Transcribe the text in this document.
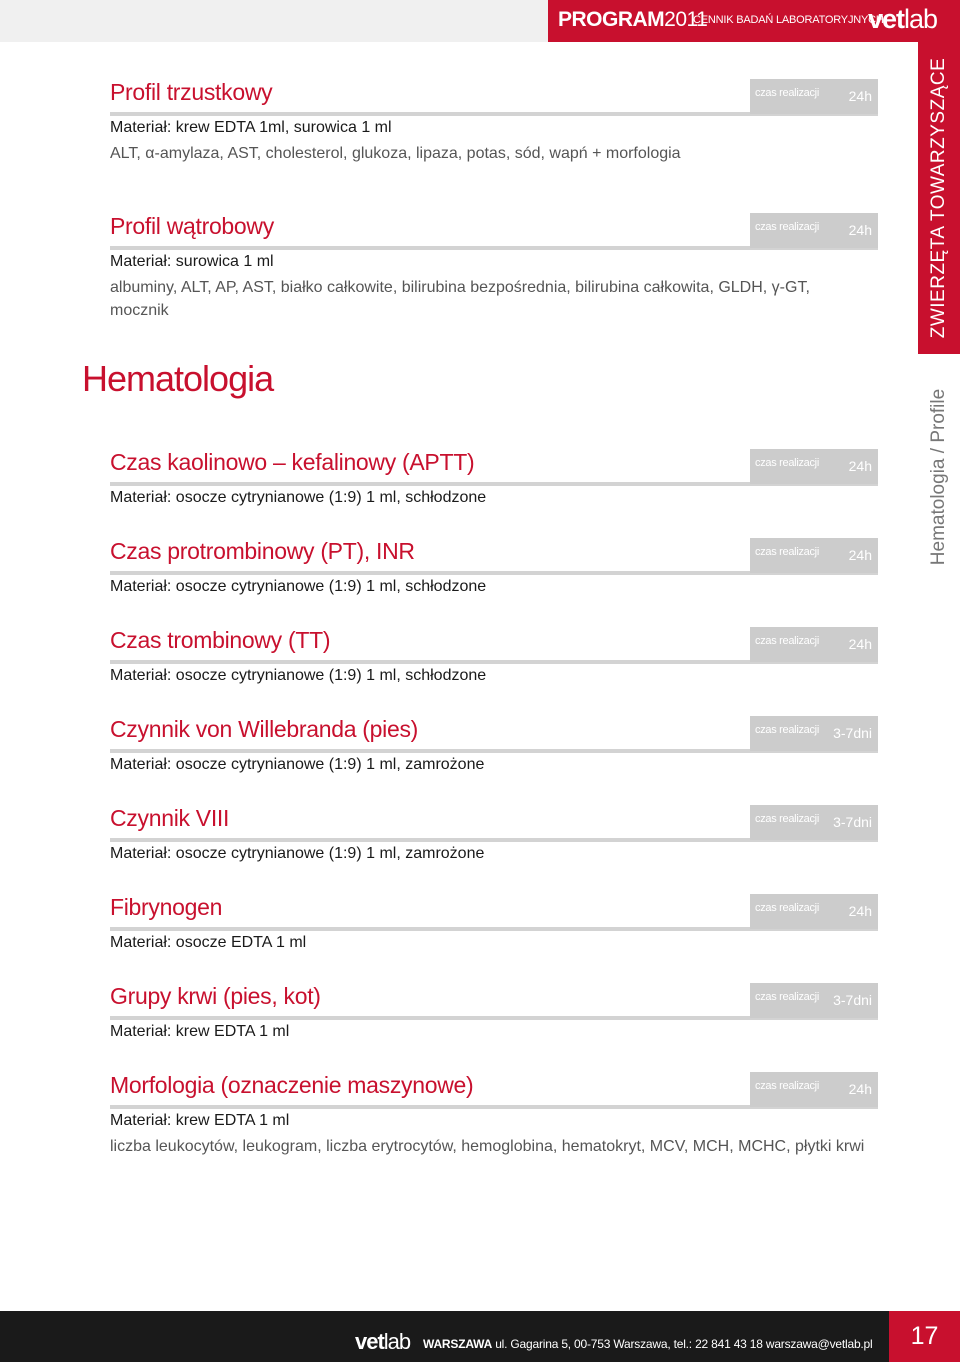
PROGRAM2011
CENNIK BADAŃ LABORATORYJNYCH
vetlab
ZWIERZĘTA TOWARZYSZĄCE
Hematologia / Profile
Profil trzustkowy	czas realizacji 24h
Materiał: krew EDTA 1ml, surowica 1 ml
ALT, α-amylaza, AST, cholesterol, glukoza, lipaza, potas, sód, wapń + morfologia
Profil wątrobowy	czas realizacji 24h
Materiał: surowica 1 ml
albuminy, ALT, AP, AST, białko całkowite, bilirubina bezpośrednia, bilirubina całkowita, GLDH, γ-GT, mocznik
Hematologia
Czas kaolinowo – kefalinowy (APTT)	czas realizacji 24h
Materiał: osocze cytrynianowe (1:9) 1 ml, schłodzone
Czas protrombinowy (PT), INR	czas realizacji 24h
Materiał: osocze cytrynianowe (1:9) 1 ml, schłodzone
Czas trombinowy (TT)	czas realizacji 24h
Materiał: osocze cytrynianowe (1:9) 1 ml, schłodzone
Czynnik von Willebranda (pies)	czas realizacji 3-7dni
Materiał: osocze cytrynianowe (1:9) 1 ml, zamrożone
Czynnik VIII	czas realizacji 3-7dni
Materiał: osocze cytrynianowe (1:9) 1 ml, zamrożone
Fibrynogen	czas realizacji 24h
Materiał: osocze EDTA 1 ml
Grupy krwi (pies, kot)	czas realizacji 3-7dni
Materiał: krew EDTA 1 ml
Morfologia (oznaczenie maszynowe)	czas realizacji 24h
Materiał: krew EDTA 1 ml
liczba leukocytów, leukogram, liczba erytrocytów, hemoglobina, hematokryt, MCV, MCH, MCHC, płytki krwi
vetlab WARSZAWA ul. Gagarina 5, 00-753 Warszawa, tel.: 22 841 43 18 warszawa@vetlab.pl	17
